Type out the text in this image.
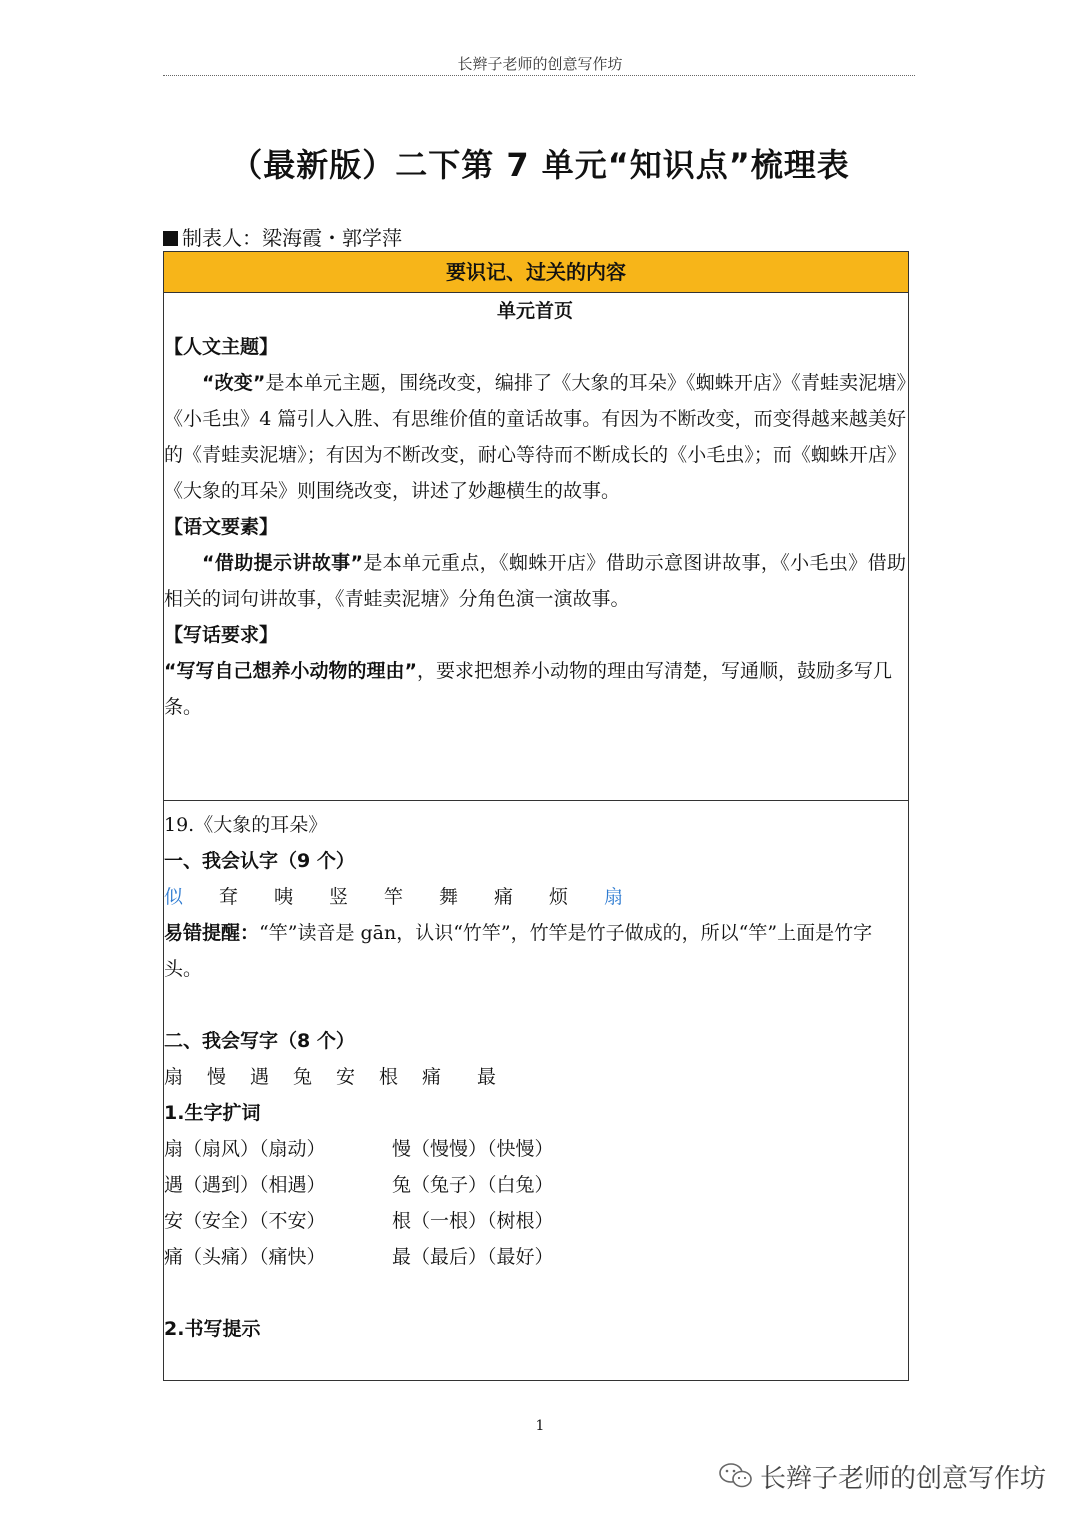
长辫子老师的创意写作坊
（最新版）二下第 7 单元“知识点”梳理表
制表人：梁海霞・郭学萍
要识记、过关的内容
单元首页
【人文主题】
“改变”是本单元主题，围绕改变，编排了《大象的耳朵》《蜘蛛开店》《青蛙卖泥塘》《小毛虫》4 篇引人入胜、有思维价值的童话故事。有因为不断改变，而变得越来越美好的《青蛙卖泥塘》；有因为不断改变，耐心等待而不断成长的《小毛虫》；而《蜘蛛开店》《大象的耳朵》则围绕改变，讲述了妙趣横生的故事。
【语文要素】
“借助提示讲故事”是本单元重点，《蜘蛛开店》借助示意图讲故事，《小毛虫》借助相关的词句讲故事，《青蛙卖泥塘》分角色演一演故事。
【写话要求】
“写写自己想养小动物的理由”，要求把想养小动物的理由写清楚，写通顺，鼓励多写几条。
19.《大象的耳朵》
一、我会认字（9 个）
似 耷 咦 竖 竿 舞 痛 烦 扇
易错提醒：“竿”读音是 gān，认识“竹竿”，竹竿是竹子做成的，所以“竿”上面是竹字头。
二、我会写字（8 个）
扇 慢 遇 兔 安 根 痛 最
1.生字扩词
扇（扇风）（扇动）	慢（慢慢）（快慢）
遇（遇到）（相遇）	兔（兔子）（白兔）
安（安全）（不安）	根（一根）（树根）
痛（头痛）（痛快）	最（最后）（最好）
2.书写提示
1
长辫子老师的创意写作坊
